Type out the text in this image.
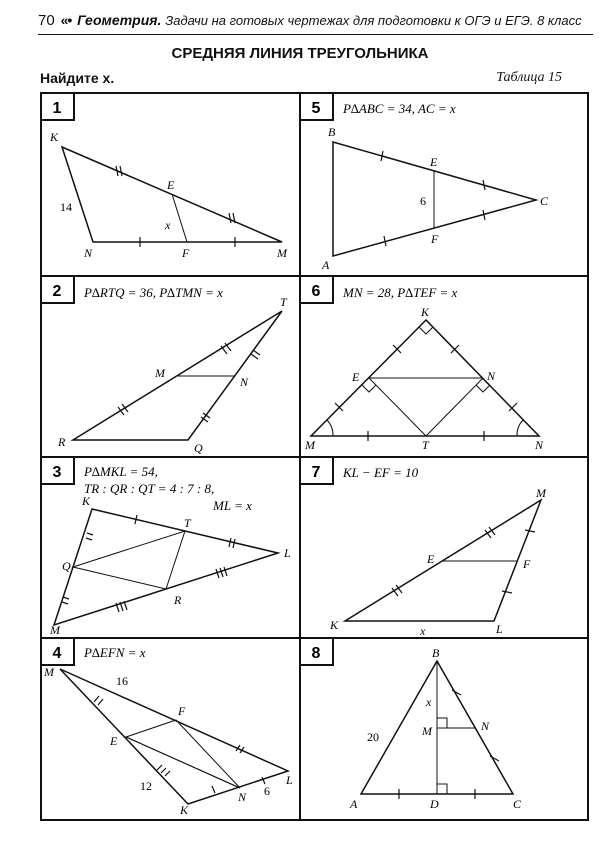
70 «• Геометрия. Задачи на готовых чертежах для подготовки к ОГЭ и ЕГЭ. 8 класс
СРЕДНЯЯ ЛИНИЯ ТРЕУГОЛЬНИКА
Найдите x.	Таблица 15
1
2
3
4
5
6
7
8
P∆RTQ = 36, P∆TMN = x
P∆MKL = 54,
TR : QR : QT = 4 : 7 : 8,
ML = x
P∆EFN = x
P∆ABC = 34, AC = x
MN = 28, P∆TEF = x
KL − EF = 10
K
E
N	F	M
x
14
T
M
N
R	Q
K
T
L
Q
R
M
M
F
E
N
K
L
16
12	6
B
E
C
F
A
6
K
E	N
M	T	N
M
E	F
K	L
x
B
x
M	N
20
A	D	C
